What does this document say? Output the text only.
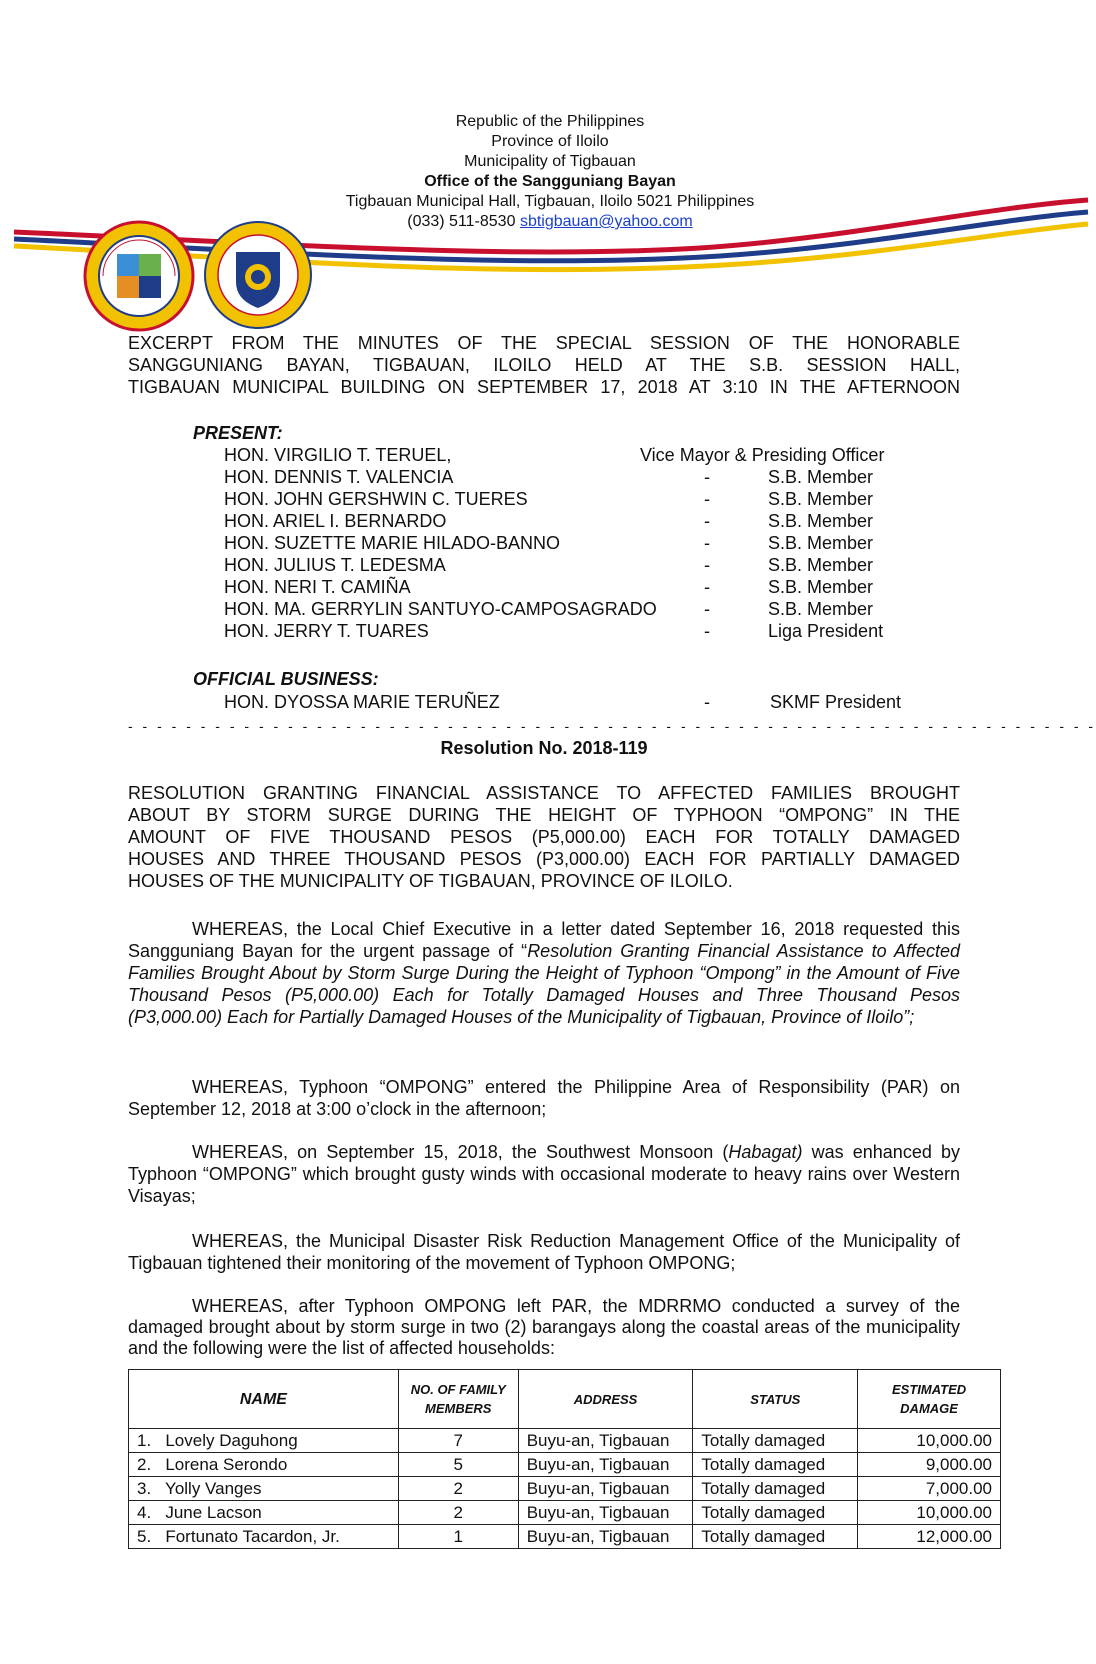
Republic of the Philippines
Province of Iloilo
Municipality of Tigbauan
Office of the Sangguniang Bayan
Tigbauan Municipal Hall, Tigbauan, Iloilo 5021 Philippines
(033) 511-8530 sbtigbauan@yahoo.com
EXCERPT FROM THE MINUTES OF THE SPECIAL SESSION OF THE HONORABLE
SANGGUNIANG BAYAN, TIGBAUAN, ILOILO HELD AT THE S.B. SESSION HALL,
TIGBAUAN MUNICIPAL BUILDING ON SEPTEMBER 17, 2018 AT 3:10 IN THE AFTERNOON
PRESENT:
HON. VIRGILIO T. TERUEL,	Vice Mayor & Presiding Officer
HON. DENNIS T. VALENCIA	-	S.B. Member
HON. JOHN GERSHWIN C. TUERES	-	S.B. Member
HON. ARIEL I. BERNARDO	-	S.B. Member
HON. SUZETTE MARIE HILADO-BANNO	-	S.B. Member
HON. JULIUS T. LEDESMA	-	S.B. Member
HON. NERI T. CAMIÑA	-	S.B. Member
HON. MA. GERRYLIN SANTUYO-CAMPOSAGRADO	-	S.B. Member
HON. JERRY T. TUARES	-	Liga President
OFFICIAL BUSINESS:
HON. DYOSSA MARIE TERUÑEZ	-	SKMF President
- - - - - - - - - - - - - - - - - - - - - - - - - - - - - - - - - - - - - - - - - - - - - - - - - - - - - - - - - - - - - - - - - - -
Resolution No. 2018-119
RESOLUTION GRANTING FINANCIAL ASSISTANCE TO AFFECTED FAMILIES BROUGHT
ABOUT BY STORM SURGE DURING THE HEIGHT OF TYPHOON “OMPONG” IN THE
AMOUNT OF FIVE THOUSAND PESOS (P5,000.00) EACH FOR TOTALLY DAMAGED
HOUSES AND THREE THOUSAND PESOS (P3,000.00) EACH FOR PARTIALLY DAMAGED
HOUSES OF THE MUNICIPALITY OF TIGBAUAN, PROVINCE OF ILOILO.

WHEREAS, the Local Chief Executive in a letter dated September 16, 2018 requested this Sangguniang Bayan for the urgent passage of “Resolution Granting Financial Assistance to Affected Families Brought About by Storm Surge During the Height of Typhoon “Ompong” in the Amount of Five Thousand Pesos (P5,000.00) Each for Totally Damaged Houses and Three Thousand Pesos (P3,000.00) Each for Partially Damaged Houses of the Municipality of Tigbauan, Province of Iloilo”;

WHEREAS, Typhoon “OMPONG” entered the Philippine Area of Responsibility (PAR) on September 12, 2018 at 3:00 o’clock in the afternoon;

WHEREAS, on September 15, 2018, the Southwest Monsoon (Habagat) was enhanced by Typhoon “OMPONG” which brought gusty winds with occasional moderate to heavy rains over Western Visayas;

WHEREAS, the Municipal Disaster Risk Reduction Management Office of the Municipality of Tigbauan tightened their monitoring of the movement of Typhoon OMPONG;

WHEREAS, after Typhoon OMPONG left PAR, the MDRRMO conducted a survey of the damaged brought about by storm surge in two (2) barangays along the coastal areas of the municipality and the following were the list of affected households:

NAME	NO. OF FAMILY MEMBERS	ADDRESS	STATUS	ESTIMATED DAMAGE
1.   Lovely Daguhong	7	Buyu-an, Tigbauan	Totally damaged	10,000.00
2.   Lorena Serondo	5	Buyu-an, Tigbauan	Totally damaged	9,000.00
3.   Yolly Vanges	2	Buyu-an, Tigbauan	Totally damaged	7,000.00
4.   June Lacson	2	Buyu-an, Tigbauan	Totally damaged	10,000.00
5.   Fortunato Tacardon, Jr.	1	Buyu-an, Tigbauan	Totally damaged	12,000.00
